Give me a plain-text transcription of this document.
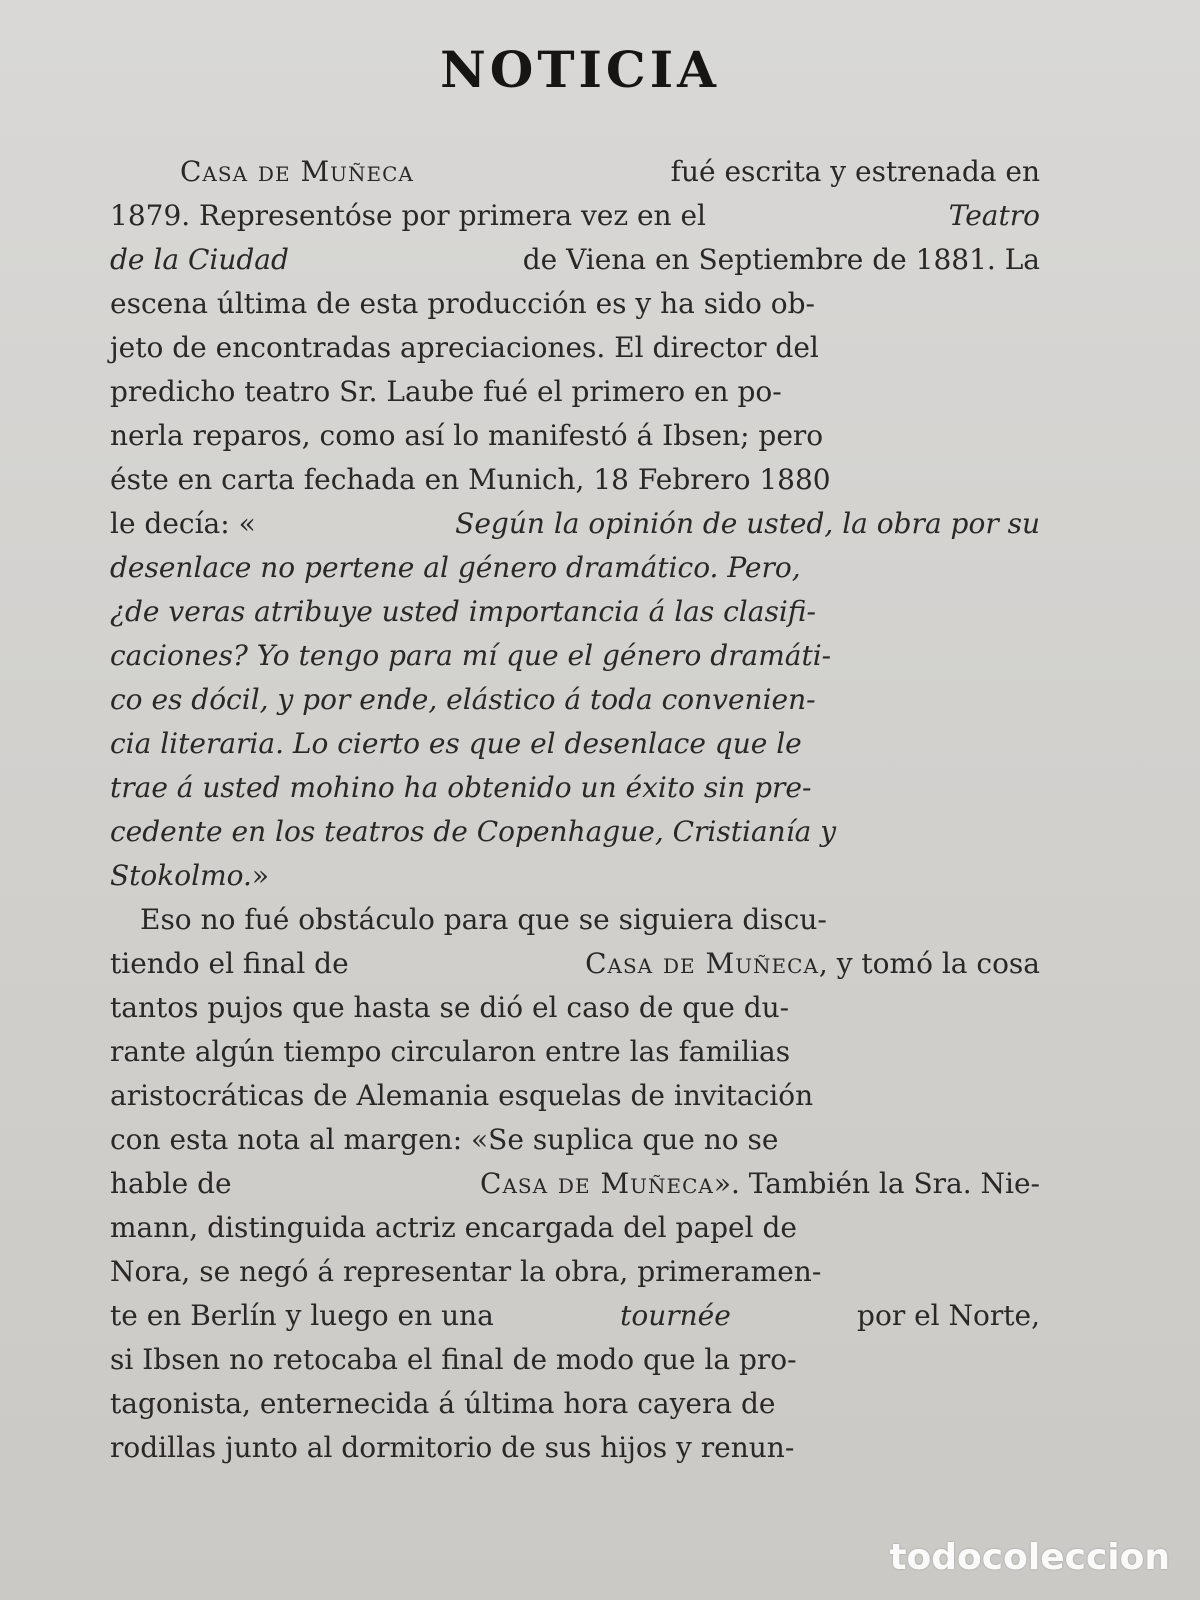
NOTICIA
Casa de Muñeca	fué escrita y estrenada en
1879. Representóse por primera vez en el	Teatro
de la Ciudad	de Viena en Septiembre de 1881. La
escena última de esta producción es y ha sido ob-
jeto de encontradas apreciaciones. El director del
predicho teatro Sr. Laube fué el primero en po-
nerla reparos, como así lo manifestó á Ibsen; pero
éste en carta fechada en Munich, 18 Febrero 1880
le decía: «	Según la opinión de usted, la obra por su
desenlace no pertene al género dramático. Pero,
¿de veras atribuye usted importancia á las clasifi-
caciones? Yo tengo para mí que el género dramáti-
co es dócil, y por ende, elástico á toda convenien-
cia literaria. Lo cierto es que el desenlace que le
trae á usted mohino ha obtenido un éxito sin pre-
cedente en los teatros de Copenhague, Cristianía y
Stokolmo. »
Eso no fué obstáculo para que se siguiera discu-
tiendo el final de	Casa de Muñeca, y tomó la cosa
tantos pujos que hasta se dió el caso de que du-
rante algún tiempo circularon entre las familias
aristocráticas de Alemania esquelas de invitación
con esta nota al margen: «Se suplica que no se
hable de	Casa de Muñeca». También la Sra. Nie-
mann, distinguida actriz encargada del papel de
Nora, se negó á representar la obra, primeramen-
te en Berlín y luego en una	tournée	por el Norte,
si Ibsen no retocaba el final de modo que la pro-
tagonista, enternecida á última hora cayera de
rodillas junto al dormitorio de sus hijos y renun-
todocoleccion
